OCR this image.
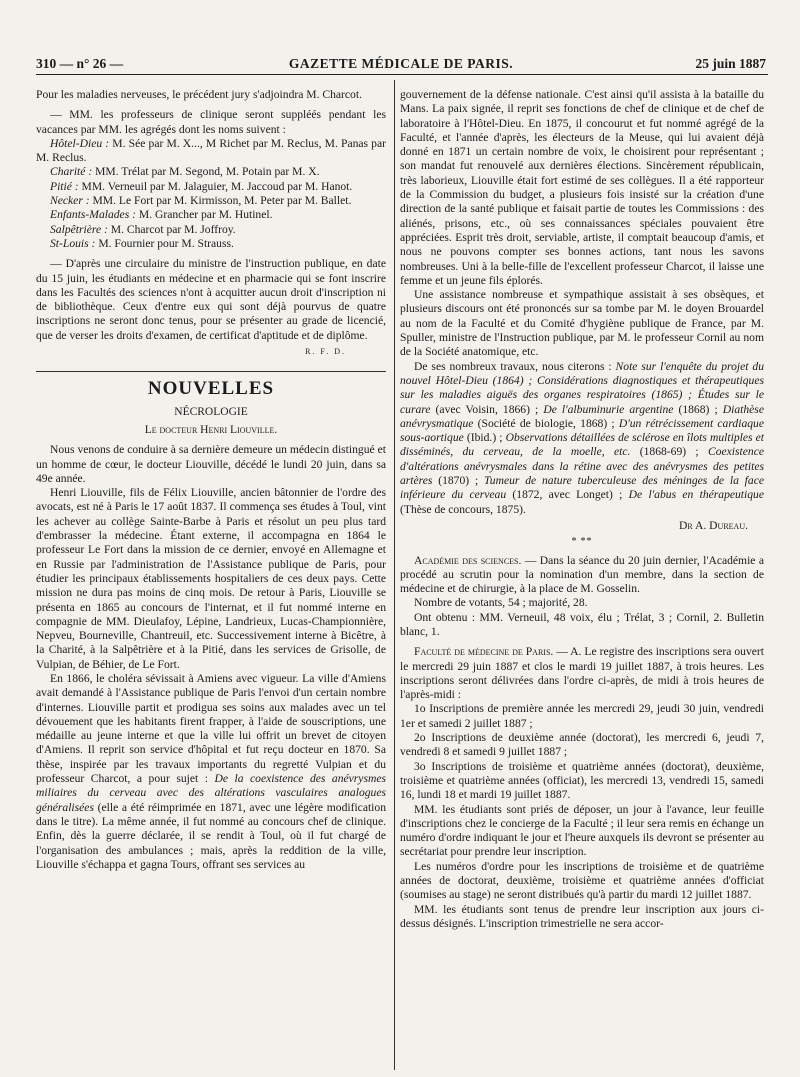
310 — n° 26 —	GAZETTE MÉDICALE DE PARIS.	25 juin 1887

Pour les maladies nerveuses, le précédent jury s'adjoindra M. Charcot.

— MM. les professeurs de clinique seront suppléés pendant les vacances par MM. les agrégés dont les noms suivent :

Hôtel-Dieu : M. Sée par M. X..., M Richet par M. Reclus, M. Panas par M. Reclus.

Charité : MM. Trélat par M. Segond, M. Potain par M. X.

Pitié : MM. Verneuil par M. Jalaguier, M. Jaccoud par M. Hanot.

Necker : MM. Le Fort par M. Kirmisson, M. Peter par M. Ballet.

Enfants-Malades : M. Grancher par M. Hutinel.

Salpêtrière : M. Charcot par M. Joffroy.

St-Louis : M. Fournier pour M. Strauss.

— D'après une circulaire du ministre de l'instruction publique, en date du 15 juin, les étudiants en médecine et en pharmacie qui se font inscrire dans les Facultés des sciences n'ont à acquitter aucun droit d'inscription ni de bibliothèque. Ceux d'entre eux qui sont déjà pourvus de quatre inscriptions ne seront donc tenus, pour se présenter au grade de licencié, que de verser les droits d'examen, de certificat d'aptitude et de diplôme.

R. F. D.
NOUVELLES
NÉCROLOGIE
Le docteur Henri Liouville.

Nous venons de conduire à sa dernière demeure un médecin distingué et un homme de cœur, le docteur Liouville, décédé le lundi 20 juin, dans sa 49e année.

Henri Liouville, fils de Félix Liouville, ancien bâtonnier de l'ordre des avocats, est né à Paris le 17 août 1837. Il commença ses études à Toul, vint les achever au collège Sainte-Barbe à Paris et résolut un peu plus tard d'embrasser la médecine. Étant externe, il accompagna en 1864 le professeur Le Fort dans la mission de ce dernier, envoyé en Allemagne et en Russie par l'administration de l'Assistance publique de Paris, pour étudier les principaux établissements hospitaliers de ces deux pays. Cette mission ne dura pas moins de cinq mois. De retour à Paris, Liouville se présenta en 1865 au concours de l'internat, et il fut nommé interne en compagnie de MM. Dieulafoy, Lépine, Landrieux, Lucas-Championnière, Nepveu, Bourneville, Chantreuil, etc. Successivement interne à Bicêtre, à la Charité, à la Salpêtrière et à la Pitié, dans les services de Grisolle, de Vulpian, de Béhier, de Le Fort.

En 1866, le choléra sévissait à Amiens avec vigueur. La ville d'Amiens avait demandé à l'Assistance publique de Paris l'envoi d'un certain nombre d'internes. Liouville partit et prodigua ses soins aux malades avec un tel dévouement que les habitants firent frapper, à l'aide de souscriptions, une médaille au jeune interne et que la ville lui offrit un brevet de citoyen d'Amiens. Il reprit son service d'hôpital et fut reçu docteur en 1870. Sa thèse, inspirée par les travaux importants du regretté Vulpian et du professeur Charcot, a pour sujet : De la coexistence des anévrysmes miliaires du cerveau avec des altérations vasculaires analogues généralisées (elle a été réimprimée en 1871, avec une légère modification dans le titre). La même année, il fut nommé au concours chef de clinique. Enfin, dès la guerre déclarée, il se rendit à Toul, où il fut chargé de l'organisation des ambulances ; mais, après la reddition de la ville, Liouville s'échappa et gagna Tours, offrant ses services au

gouvernement de la défense nationale. C'est ainsi qu'il assista à la bataille du Mans. La paix signée, il reprit ses fonctions de chef de clinique et de chef de laboratoire à l'Hôtel-Dieu. En 1875, il concourut et fut nommé agrégé de la Faculté, et l'année d'après, les électeurs de la Meuse, qui lui avaient déjà donné en 1871 un certain nombre de voix, le choisirent pour représentant ; son mandat fut renouvelé aux dernières élections. Sincèrement républicain, très laborieux, Liouville était fort estimé de ses collègues. Il a été rapporteur de la Commission du budget, a plusieurs fois insisté sur la création d'une direction de la santé publique et faisait partie de toutes les Commissions : des aliénés, prisons, etc., où ses connaissances spéciales pouvaient être appréciées. Esprit très droit, serviable, artiste, il comptait beaucoup d'amis, et nous ne pouvons compter ses bonnes actions, tant nous les savons nombreuses. Uni à la belle-fille de l'excellent professeur Charcot, il laisse une femme et un jeune fils éplorés.

Une assistance nombreuse et sympathique assistait à ses obsèques, et plusieurs discours ont été prononcés sur sa tombe par M. le doyen Brouardel au nom de la Faculté et du Comité d'hygiène publique de France, par M. Spuller, ministre de l'Instruction publique, par M. le professeur Cornil au nom de la Société anatomique, etc.

De ses nombreux travaux, nous citerons : Note sur l'enquête du projet du nouvel Hôtel-Dieu (1864) ; Considérations diagnostiques et thérapeutiques sur les maladies aiguës des organes respiratoires (1865) ; Études sur le curare (avec Voisin, 1866) ; De l'albuminurie argentine (1868) ; Diathèse anévrysmatique (Société de biologie, 1868) ; D'un rétrécissement cardiaque sous-aortique (Ibid.) ; Observations détaillées de sclérose en îlots multiples et disséminés, du cerveau, de la moelle, etc. (1868-69) ; Coexistence d'altérations anévrysmales dans la rétine avec des anévrysmes des petites artères (1870) ; Tumeur de nature tuberculeuse des méninges de la face inférieure du cerveau (1872, avec Longet) ; De l'abus en thérapeutique (Thèse de concours, 1875).

Dr A. Dureau.
* **

Académie des sciences. — Dans la séance du 20 juin dernier, l'Académie a procédé au scrutin pour la nomination d'un membre, dans la section de médecine et de chirurgie, à la place de M. Gosselin.

Nombre de votants, 54 ; majorité, 28.

Ont obtenu : MM. Verneuil, 48 voix, élu ; Trélat, 3 ; Cornil, 2. Bulletin blanc, 1.

Faculté de médecine de Paris. — A. Le registre des inscriptions sera ouvert le mercredi 29 juin 1887 et clos le mardi 19 juillet 1887, à trois heures. Les inscriptions seront délivrées dans l'ordre ci-après, de midi à trois heures de l'après-midi :

1o Inscriptions de première année les mercredi 29, jeudi 30 juin, vendredi 1er et samedi 2 juillet 1887 ;

2o Inscriptions de deuxième année (doctorat), les mercredi 6, jeudi 7, vendredi 8 et samedi 9 juillet 1887 ;

3o Inscriptions de troisième et quatrième années (doctorat), deuxième, troisième et quatrième années (officiat), les mercredi 13, vendredi 15, samedi 16, lundi 18 et mardi 19 juillet 1887.

MM. les étudiants sont priés de déposer, un jour à l'avance, leur feuille d'inscriptions chez le concierge de la Faculté ; il leur sera remis en échange un numéro d'ordre indiquant le jour et l'heure auxquels ils devront se présenter au secrétariat pour prendre leur inscription.

Les numéros d'ordre pour les inscriptions de troisième et de quatrième années de doctorat, deuxième, troisième et quatrième années d'officiat (soumises au stage) ne seront distribués qu'à partir du mardi 12 juillet 1887.

MM. les étudiants sont tenus de prendre leur inscription aux jours ci-dessus désignés. L'inscription trimestrielle ne sera accor-
